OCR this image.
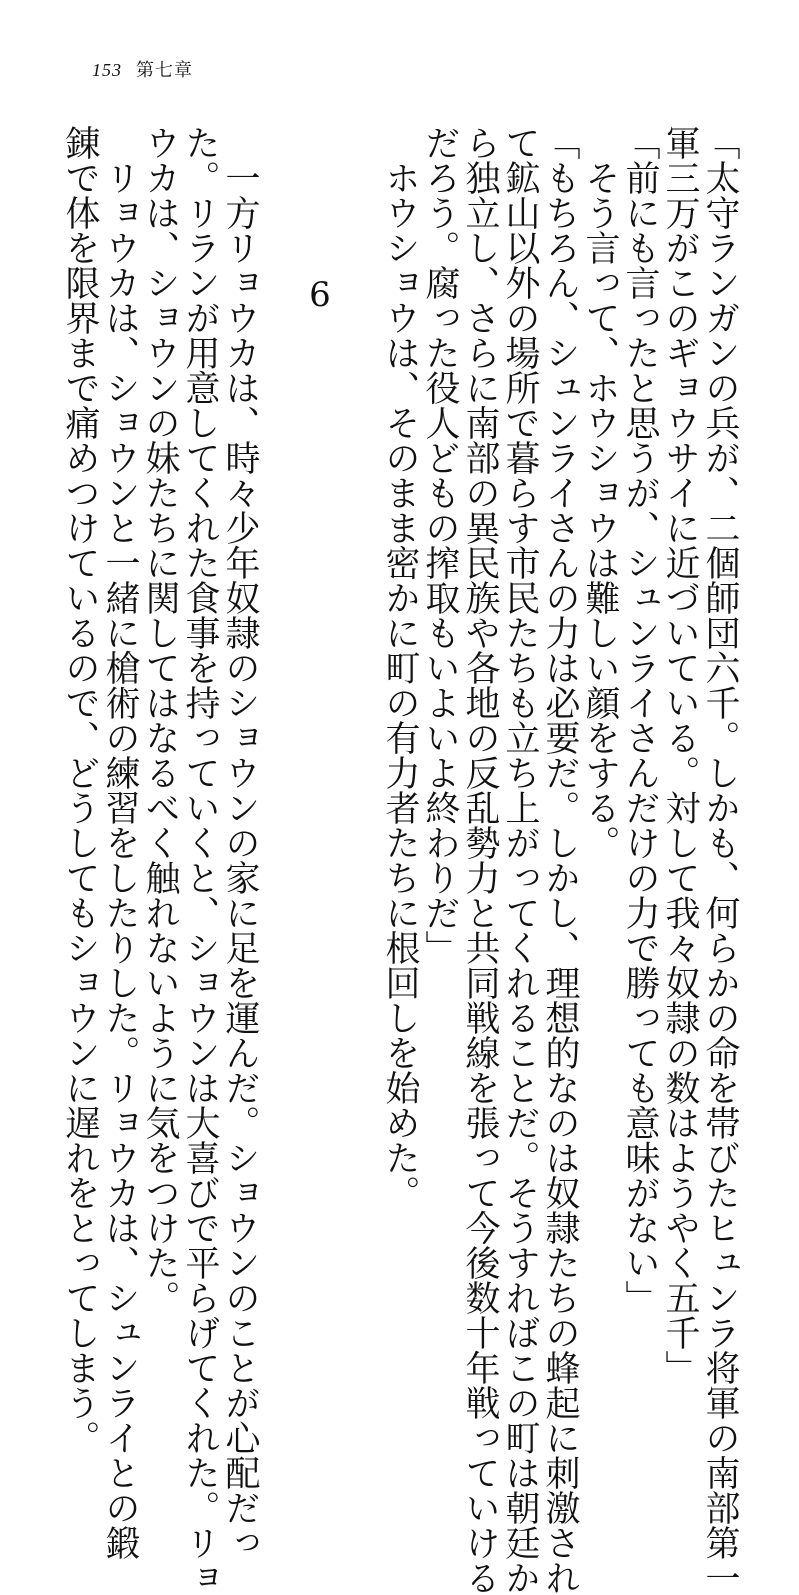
153 第七章

「太守ランガンの兵が、二個師団六千。しかも、何らかの命を帯びたヒュンラ将軍の南部第一

軍三万がこのギョウサイに近づいている。対して我々奴隷の数はようやく五千」

「前にも言ったと思うが、シュンライさんだけの力で勝っても意味がない」

　そう言って、ホウショウは難しい顔をする。

「もちろん、シュンライさんの力は必要だ。しかし、理想的なのは奴隷たちの蜂起に刺激され

て鉱山以外の場所で暮らす市民たちも立ち上がってくれることだ。そうすればこの町は朝廷か

ら独立し、さらに南部の異民族や各地の反乱勢力と共同戦線を張って今後数十年戦っていける

だろう。腐った役人どもの搾取もいよいよ終わりだ」

　ホウショウは、そのまま密かに町の有力者たちに根回しを始めた。

6

　一方リョウカは、時々少年奴隷のショウンの家に足を運んだ。ショウンのことが心配だっ

た。リランが用意してくれた食事を持っていくと、ショウンは大喜びで平らげてくれた。リョ

ウカは、ショウンの妹たちに関してはなるべく触れないように気をつけた。

　リョウカは、ショウンと一緒に槍術の練習をしたりした。リョウカは、シュンライとの鍛

錬で体を限界まで痛めつけているので、どうしてもショウンに遅れをとってしまう。
